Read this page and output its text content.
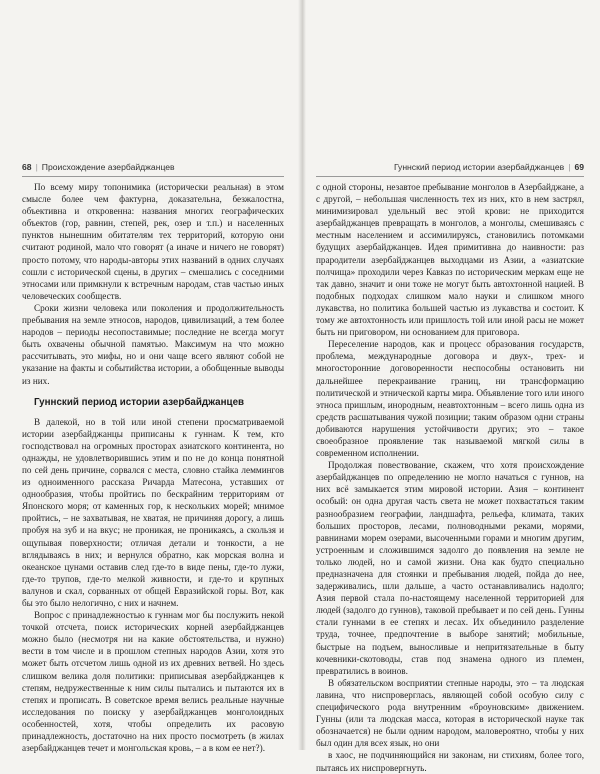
68 | Происхождение азербайджанцев

По всему миру топонимика (исторически реальная) в этом смысле более чем фактурна, доказательна, безжалостна, объективна и откровенна: названия многих географических объектов (гор, равнин, степей, рек, озер и т.п.) и населенных пунктов нынешним обитателям тех территорий, которую они считают родиной, мало что говорят (а иначе и ничего не говорят) просто потому, что народы-авторы этих названий в одних случаях сошли с исторической сцены, в других – смешались с соседними этносами или примкнули к встречным народам, став частью иных человеческих сообществ.

Сроки жизни человека или поколения и продолжительность пребывания на земле этносов, народов, цивилизаций, а тем более народов – периоды несопоставимые; последние не всегда могут быть охвачены обычной памятью. Максимум на что можно рассчитывать, это мифы, но и они чаще всего являют собой не указание на факты и событийства истории, а обобщенные выводы из них.

Гуннский период истории азербайджанцев

В далекой, но в той или иной степени просматриваемой истории азербайджанцы приписаны к гуннам. К тем, кто господствовал на огромных просторах азиатского континента, но однажды, не удовлетворившись этим и по не до конца понятной по сей день причине, сорвался с места, словно стайка леммингов из одноименного рассказа Ричарда Матесона, уставших от однообразия, чтобы пройтись по бескрайним территориям от Японского моря; от каменных гор, к нескольких морей; мнимое пройтись, – не захватывая, не хватая, не причиняя дорогу, а лишь пробуя на зуб и на вкус; не проникая, не проникаясь, а скользя и ощупывая поверхности; отличая детали и тонкости, а не вглядываясь в них; и вернулся обратно, как морская волна и океанское цунами оставив след где-то в виде пены, где-то лужи, где-то трупов, где-то мелкой живности, и где-то и крупных валунов и скал, сорванных от общей Евразийской горы. Вот, как бы это было нелогично, с них и начнем.

Вопрос с принадлежностью к гуннам мог бы послужить некой точкой отсчета, поиск исторических корней азербайджанцев можно было (несмотря ни на какие обстоятельства, и нужно) вести в том числе и в прошлом степных народов Азии, хотя это может быть отсчетом лишь одной из их древних ветвей. Но здесь слишком велика доля политики: приписывая азербайджанцев к степям, недружественные к ним силы пытались и пытаются их в степях и прописать. В советское время велись реальные научные исследования по поиску у азербайджанцев монголоидных особенностей, хотя, чтобы определить их расовую принадлежность, достаточно на них просто посмотреть (в жилах азербайджанцев течет и монгольская кровь, – а в ком ее нет?).

Гуннский период истории азербайджанцев | 69

с одной стороны, незавтое пребывание монголов в Азербайджане, а с другой, – небольшая численность тех из них, кто в нем застрял, минимизировал удельный вес этой крови: не приходится азербайджанцев превращать в монголов, а монголы, смешиваясь с местным населением и ассимилируясь, становились потомками будущих азербайджанцев. Идея примитивна до наивности: раз прародители азербайджанцев выходцами из Азии, а «азиатские полчища» проходили через Кавказ по историческим меркам еще не так давно, значит и они тоже не могут быть автохтонной нацией. В подобных подходах слишком мало науки и слишком много лукавства, но политика большей частью из лукавства и состоит. К тому же автохтонность или пришлость той или иной расы не может быть ни приговором, ни основанием для приговора.

Переселение народов, как и процесс образования государств, проблема, международные договора и двух-, трех- и многосторонние договоренности неспособны остановить ни дальнейшее перекраивание границ, ни трансформацию политической и этнической карты мира. Объявление того или иного этноса пришлым, инородным, неавтохтонным – всего лишь одна из средств расшатывания чужой позиции; таким образом одни страны добиваются нарушения устойчивости других; это – такое своеобразное проявление так называемой мягкой силы в современном исполнении.

Продолжая повествование, скажем, что хотя происхождение азербайджанцев по определению не могло начаться с гуннов, на них всё замыкается этим мировой истории. Азия – континент особый: он одна другая часть света не может похвастаться таким разнообразием географии, ландшафта, рельефа, климата, таких больших просторов, лесами, полноводными реками, морями, равнинами морем озерами, высоченными горами и многим другим, устроенным и сложившимся задолго до появления на земле не только людей, но и самой жизни. Она как будто специально предназначена для стоянки и пребывания людей, пойда до нее, задерживались, шли дальше, а часто останавливались надолго; Азия первой стала по-настоящему населенной территорией для людей (задолго до гуннов), таковой пребывает и по сей день. Гунны стали гуннами в ее степях и лесах. Их объединило разделение труда, точнее, предпочтение в выборе занятий; мобильные, быстрые на подъем, выносливые и непритязательные в быту кочевники-скотоводы, став под знамена одного из племен, превратились в воинов.

В обязательском восприятии степные народы, это – та людская лавина, что ниспроверглась, являющей собой особую силу с специфического рода внутренним «броуновским» движением. Гунны (или та людская масса, которая в исторической науке так обозначается) не были одним народом, маловероятно, чтобы у них был один для всех язык, но они

в хаос, не подчиняющийся ни законам, ни стихиям, более того, пытаясь их ниспровергнуть.
